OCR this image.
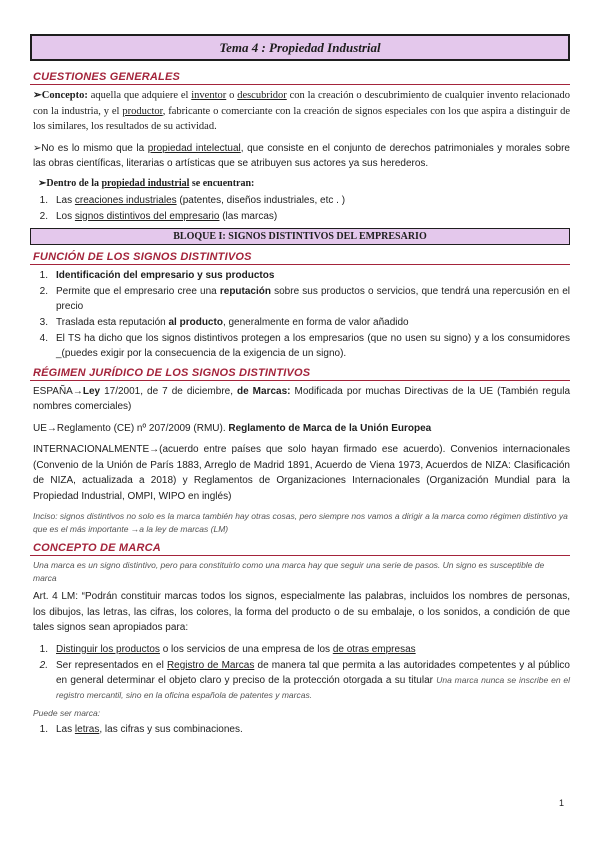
Tema 4 : Propiedad Industrial
CUESTIONES GENERALES

➢Concepto: aquella que adquiere el inventor o descubridor con la creación o descubrimiento de cualquier invento relacionado con la industria, y el productor, fabricante o comerciante con la creación de signos especiales con los que aspira a distinguir de los similares, los resultados de su actividad.

➢No es lo mismo que la propiedad intelectual, que consiste en el conjunto de derechos patrimoniales y morales sobre las obras científicas, literarias o artísticas que se atribuyen sus actores ya sus herederos.

➢Dentro de la propiedad industrial se encuentran:
1. Las creaciones industriales (patentes, diseños industriales, etc . )
2. Los signos distintivos del empresario (las marcas)
BLOQUE I: SIGNOS DISTINTIVOS DEL EMPRESARIO
FUNCIÓN DE LOS SIGNOS DISTINTIVOS
1. Identificación del empresario y sus productos
2. Permite que el empresario cree una reputación sobre sus productos o servicios, que tendrá una repercusión en el precio
3. Traslada esta reputación al producto, generalmente en forma de valor añadido
4. El TS ha dicho que los signos distintivos protegen a los empresarios (que no usen su signo) y a los consumidores _(puedes exigir por la consecuencia de la exigencia de un signo).
RÉGIMEN JURÍDICO DE LOS SIGNOS DISTINTIVOS

ESPAÑA→Ley 17/2001, de 7 de diciembre, de Marcas: Modificada por muchas Directivas de la UE (También regula nombres comerciales)

UE→Reglamento (CE) nº 207/2009 (RMU). Reglamento de Marca de la Unión Europea

INTERNACIONALMENTE→(acuerdo entre países que solo hayan firmado ese acuerdo). Convenios internacionales (Convenio de la Unión de París 1883, Arreglo de Madrid 1891, Acuerdo de Viena 1973, Acuerdos de NIZA: Clasificación de NIZA, actualizada a 2018) y Reglamentos de Organizaciones Internacionales (Organización Mundial para la Propiedad Industrial, OMPI, WIPO en inglés)

Inciso: signos distintivos no solo es la marca también hay otras cosas, pero siempre nos vamos a dirigir a la marca como régimen distintivo ya que es el más importante →a la ley de marcas (LM)

CONCEPTO DE MARCA

Una marca es un signo distintivo, pero para constituirlo como una marca hay que seguir una serie de pasos. Un signo es susceptible de marca

Art. 4 LM: “Podrán constituir marcas todos los signos, especialmente las palabras, incluidos los nombres de personas, los dibujos, las letras, las cifras, los colores, la forma del producto o de su embalaje, o los sonidos, a condición de que tales signos sean apropiados para:

1. Distinguir los productos o los servicios de una empresa de los de otras empresas
2. Ser representados en el Registro de Marcas de manera tal que permita a las autoridades competentes y al público en general determinar el objeto claro y preciso de la protección otorgada a su titular Una marca nunca se inscribe en el registro mercantil, sino en la oficina española de patentes y marcas.

Puede ser marca:

1. Las letras, las cifras y sus combinaciones.
1
